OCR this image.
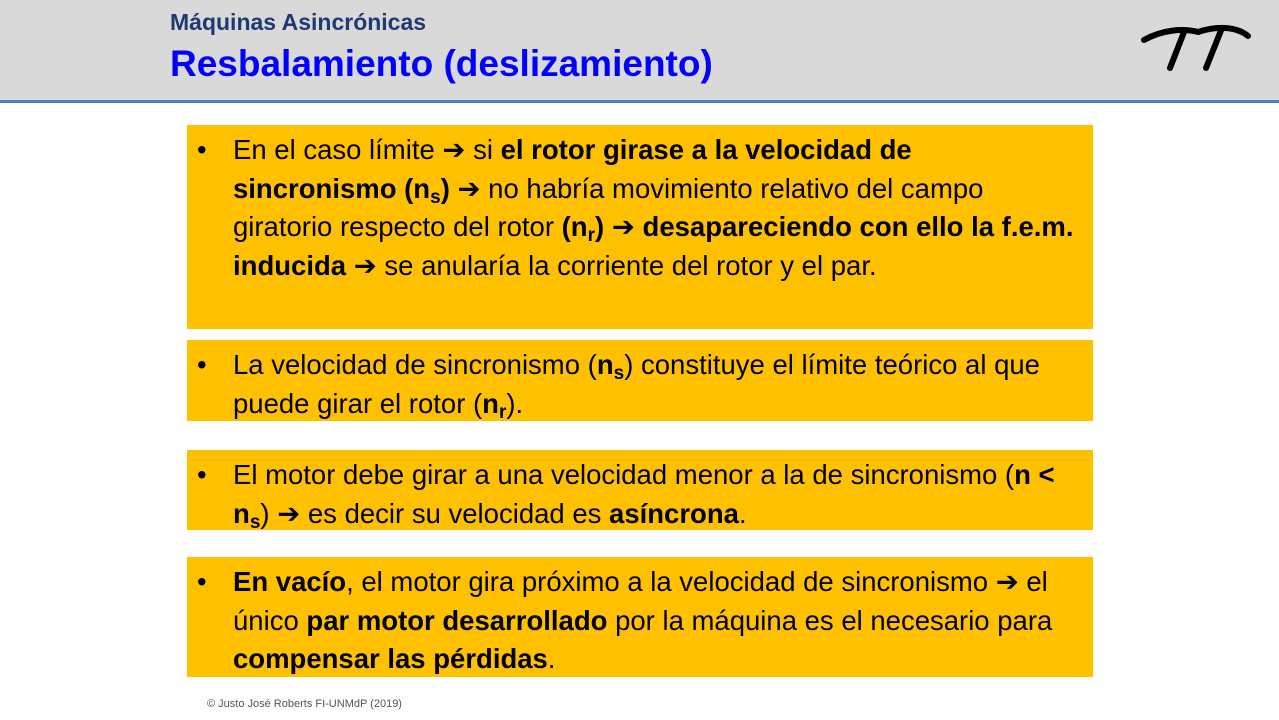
Máquinas Asincrónicas
Resbalamiento (deslizamiento)
• En el caso límite ➔ si el rotor girase a la velocidad de sincronismo $(n_s)$ ➔ no habría movimiento relativo del campo giratorio respecto del rotor $(n_r)$ ➔ desapareciendo con ello la f.e.m. inducida ➔ se anularía la corriente del rotor y el par.
• La velocidad de sincronismo $(n_s)$ constituye el límite teórico al que puede girar el rotor $(n_r)$.
• El motor debe girar a una velocidad menor a la de sincronismo $(n < n_s)$ ➔ es decir su velocidad es asíncrona.
• En vacío, el motor gira próximo a la velocidad de sincronismo ➔ el único par motor desarrollado por la máquina es el necesario para compensar las pérdidas.
© Justo José Roberts FI-UNMdP (2019)
